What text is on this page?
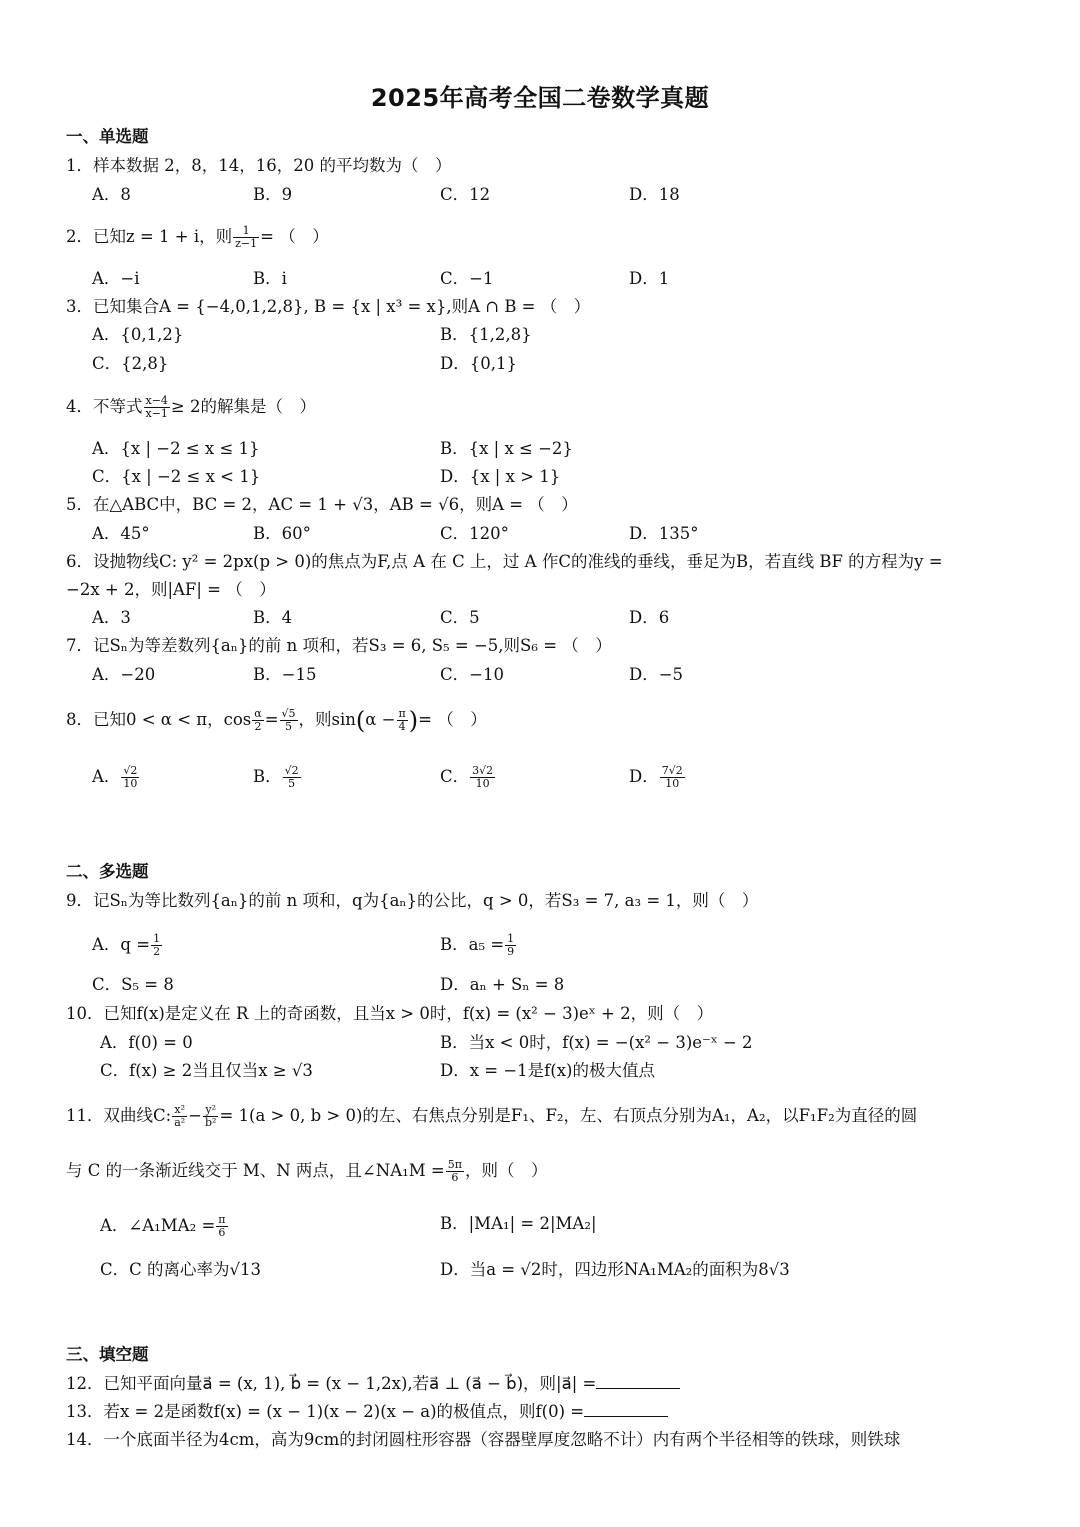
2025年高考全国二卷数学真题
一、单选题
1．样本数据 2，8，14，16，20 的平均数为（　）
A．8	B．9	C．12	D．18
2．已知z = 1 + i，则 $\frac{1}{z-1}$ = （　）
A．−i	B．i	C．−1	D．1
3．已知集合A = {−4,0,1,2,8}, B = {x | x³ = x},则A ∩ B = （　）
A．{0,1,2}	B．{1,2,8}
C．{2,8}	D．{0,1}
4．不等式 $\frac{x-4}{x-1} \ge 2$的解集是（　）
A．{x | −2 ≤ x ≤ 1}	B．{x | x ≤ −2}
C．{x | −2 ≤ x < 1}	D．{x | x > 1}
5．在△ABC中，BC = 2，AC = 1 + √3，AB = √6，则A = （　）
A．45°	B．60°	C．120°	D．135°
6．设抛物线C: y² = 2px(p > 0)的焦点为F,点 A 在 C 上，过 A 作C的准线的垂线，垂足为B，若直线 BF 的方程为y =
−2x + 2，则|AF| = （　）
A．3	B．4	C．5	D．6
7．记Sₙ为等差数列{aₙ}的前 n 项和，若S₃ = 6, S₅ = −5,则S₆ = （　）
A．−20	B．−15	C．−10	D．−5
8．已知0 < α < π，$\cos \frac{\alpha}{2} = \frac{√5}{5}$ ，则$\sin(\alpha - \frac{\pi}{4}$ )= （　）
A． $\frac{√2}{10}$	B． $\frac{√2}{5}$	C． $\frac{3√2}{10}$	D． $\frac{7√2}{10}$
二、多选题
9．记Sₙ为等比数列{aₙ}的前 n 项和，q为{aₙ}的公比，q > 0，若S₃ = 7, a₃ = 1，则（　）
A．$q = \frac{1}{2}$	B．$a_5 = \frac{1}{9}$
C．S₅ = 8	D．aₙ + Sₙ = 8
10．已知f(x)是定义在 R 上的奇函数，且当x > 0时，f(x) = (x² − 3)eˣ + 2，则（　）
A．f(0) = 0	B．当x < 0时，f(x) = −(x² − 3)e⁻ˣ − 2
C．f(x) ≥ 2当且仅当x ≥ √3	D．x = −1是f(x)的极大值点
11．双曲线C: $\frac{\text{x²}}{\text{a²}} - \frac{\text{y²}}{\text{b²}} = 1(a > 0$, b > 0)的左、右焦点分别是F₁、F₂，左、右顶点分别为A₁，A₂，以F₁F₂为直径的圆
与 C 的一条渐近线交于 M、N 两点，且∠NA₁M = $\frac{5\pi}{6}$ ，则（　）
A．∠A₁MA₂ = $\frac{\pi}{6}$	B．|MA₁| = 2|MA₂|
C．C 的离心率为√13	D．当a = √2时，四边形NA₁MA₂的面积为8√3
三、填空题
12．已知平面向量a⃗ = (x, 1), b⃗ = (x − 1,2x),若a⃗ ⊥ (a⃗ − b⃗)，则|a⃗| =
13．若x = 2是函数f(x) = (x − 1)(x − 2)(x − a)的极值点，则f(0) =
14．一个底面半径为4cm，高为9cm的封闭圆柱形容器（容器壁厚度忽略不计）内有两个半径相等的铁球，则铁球
